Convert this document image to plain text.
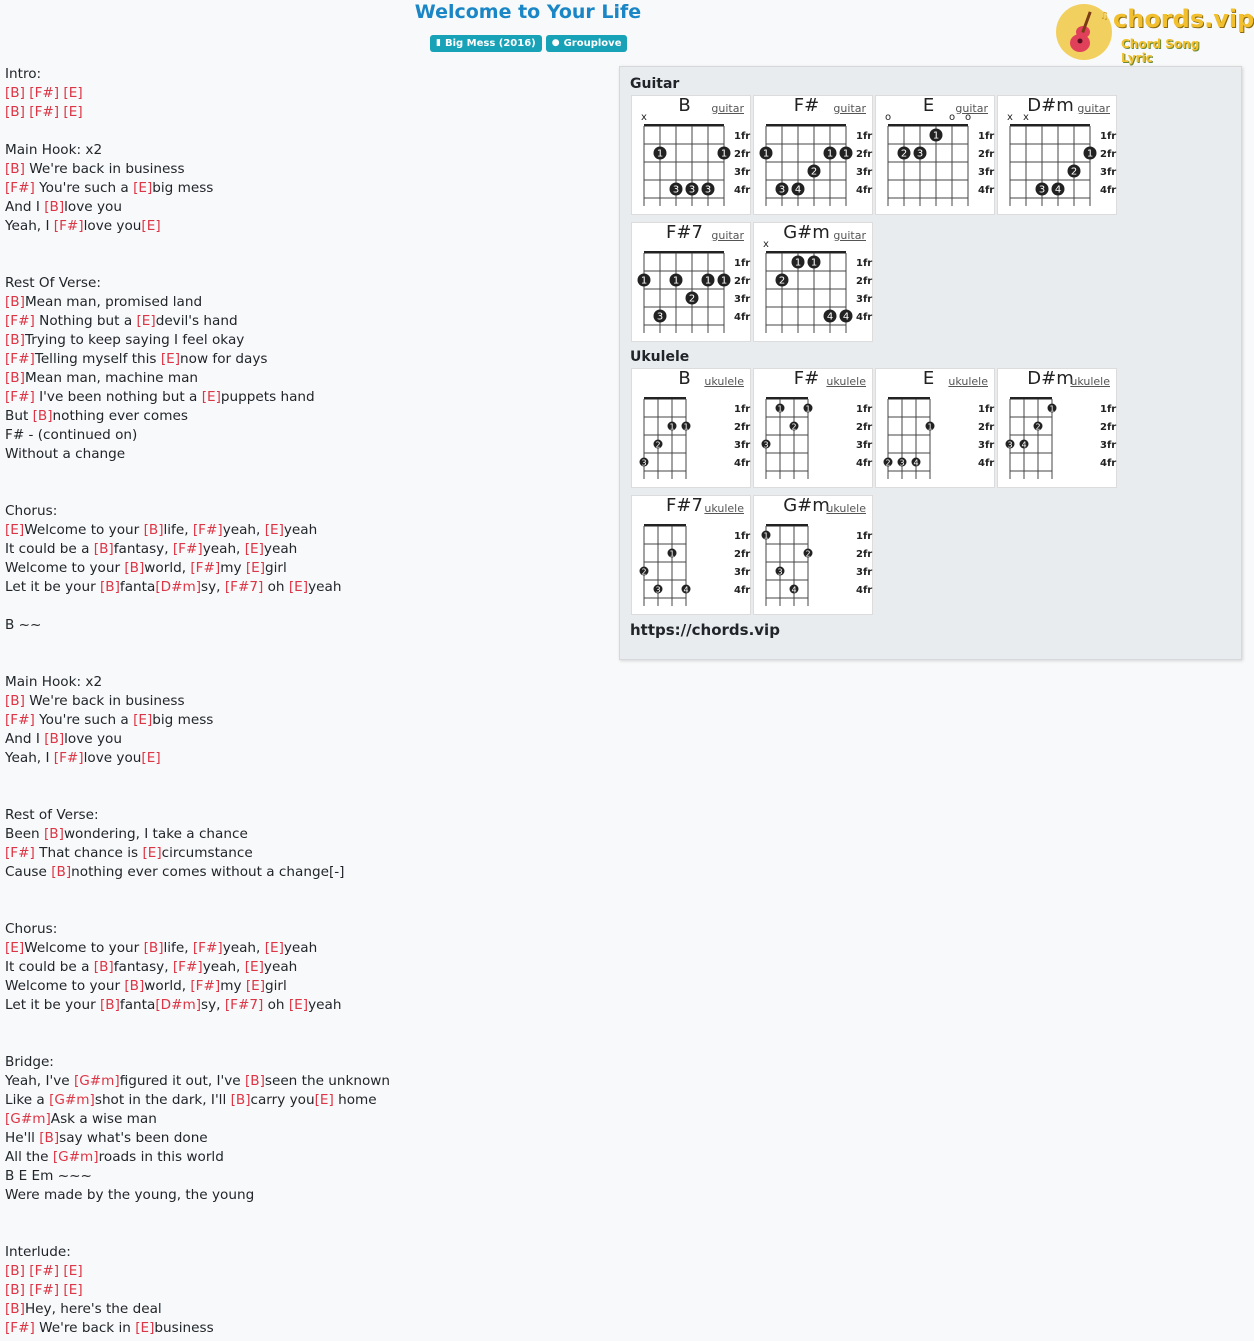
Welcome to Your Life
▮ Big Mess (2016) ● Grouplove
♫ chords.vip
Chord Song Lyric
Intro:
[B] [F#] [E]
[B] [F#] [E]
Main Hook: x2
[B] We're back in business
[F#] You're such a [E]big mess
And I [B]love you
Yeah, I [F#]love you[E]
Rest Of Verse:
[B]Mean man, promised land
[F#] Nothing but a [E]devil's hand
[B]Trying to keep saying I feel okay
[F#]Telling myself this [E]now for days
[B]Mean man, machine man
[F#] I've been nothing but a [E]puppets hand
But [B]nothing ever comes
F# - (continued on)
Without a change
Chorus:
[E]Welcome to your [B]life, [F#]yeah, [E]yeah
It could be a [B]fantasy, [F#]yeah, [E]yeah
Welcome to your [B]world, [F#]my [E]girl
Let it be your [B]fanta[D#m]sy, [F#7] oh [E]yeah
B ~~
Main Hook: x2
[B] We're back in business
[F#] You're such a [E]big mess
And I [B]love you
Yeah, I [F#]love you[E]
Rest of Verse:
Been [B]wondering, I take a chance
[F#] That chance is [E]circumstance
Cause [B]nothing ever comes without a change[-]
Chorus:
[E]Welcome to your [B]life, [F#]yeah, [E]yeah
It could be a [B]fantasy, [F#]yeah, [E]yeah
Welcome to your [B]world, [F#]my [E]girl
Let it be your [B]fanta[D#m]sy, [F#7] oh [E]yeah
Bridge:
Yeah, I've [G#m]figured it out, I've [B]seen the unknown
Like a [G#m]shot in the dark, I'll [B]carry you[E] home
[G#m]Ask a wise man
He'll [B]say what's been done
All the [G#m]roads in this world
B E Em ~~~
Were made by the young, the young
Interlude:
[B] [F#] [E]
[B] [F#] [E]
[B]Hey, here's the deal
[F#] We're back in [E]business
Guitar
Ukulele
https://chords.vip
1fr
2fr
3fr
4fr
x
1	1
3 3 3
B	guitar
1fr
2fr
3fr
4fr
1	1 1
2
3 4
F#	guitar
1fr
2fr
3fr
4fr
o	o o
1
2 3
E	guitar
1fr
2fr
3fr
4fr
x x
1
2
3 4
D#m guitar
1fr
2fr
3fr
4fr
1	1	1 1
2
3
F#7 guitar
1fr
2fr
3fr
4fr
x
1 1
2
4 4
G#m guitar
1fr
2fr
3fr
4fr
1 1
2
3
B	ukulele
1fr
2fr
3fr
4fr
1	1
2
3
F# ukulele
1fr
2fr
3fr
4fr
1
2 3 4
E	ukulele
1fr
2fr
3fr
4fr
1
2
3 4
D#m
ukulele
1fr
2fr
3fr
4fr
1
2
3	4
F#7 ukulele
1fr
2fr
3fr
4fr
1
2
3
4
G#m
ukulele
